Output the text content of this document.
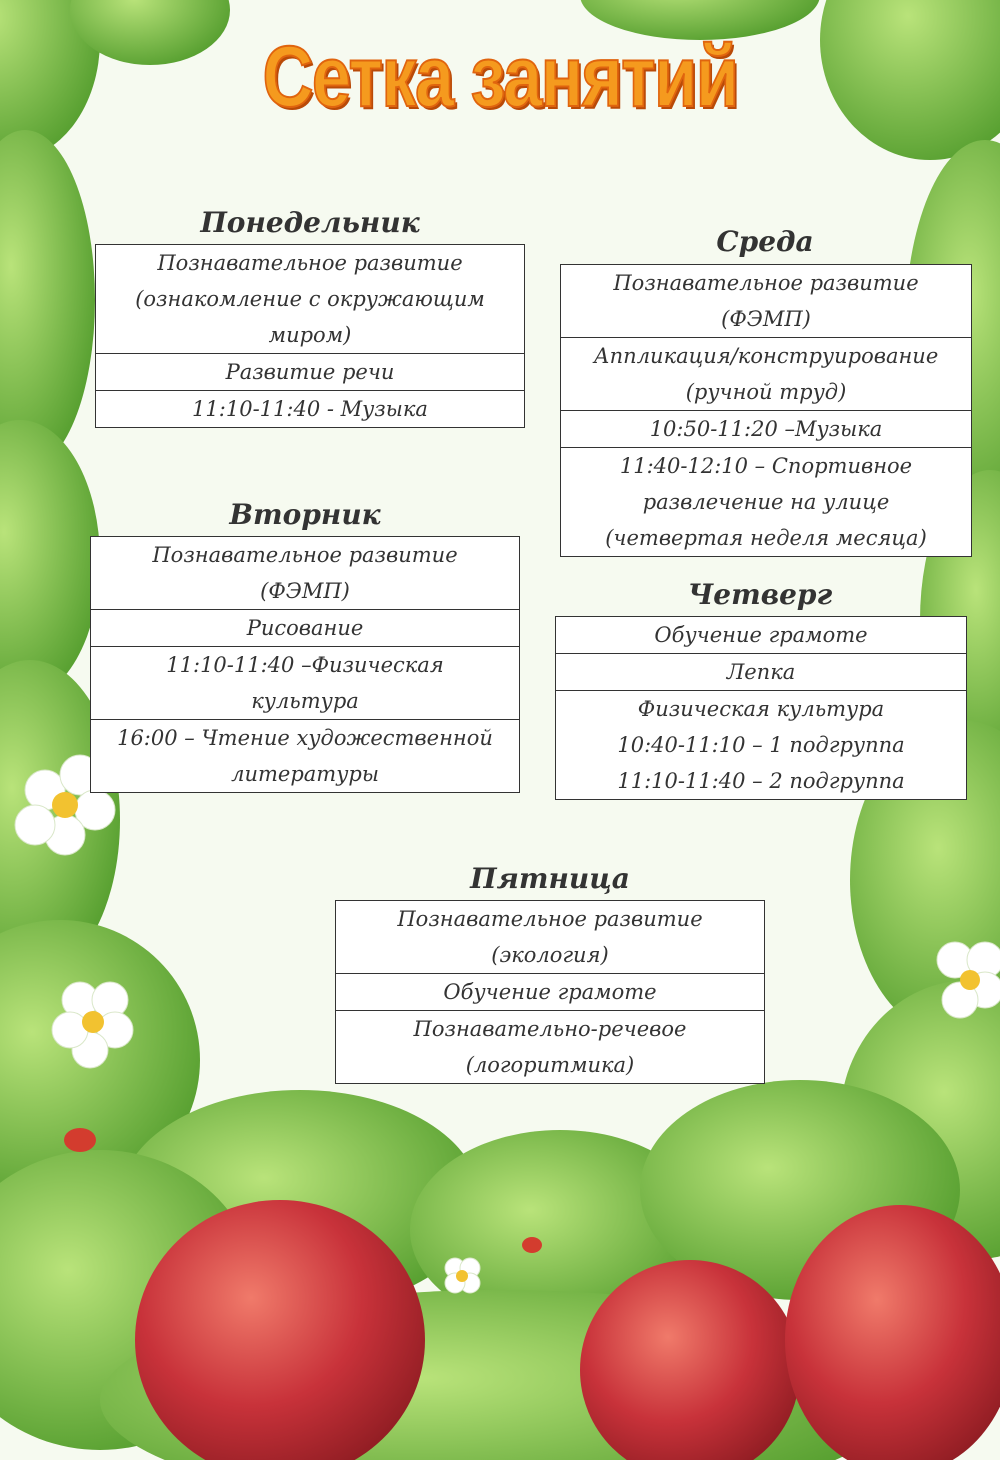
Сетка занятий
Понедельник
Познавательное развитие
(ознакомление с окружающим
миром)
Развитие речи
11:10-11:40 - Музыка
Вторник
Познавательное развитие
(ФЭМП)
Рисование
11:10-11:40 –Физическая
культура
16:00 – Чтение художественной
литературы
Среда
Познавательное развитие
(ФЭМП)
Аппликация/конструирование
(ручной труд)
10:50-11:20 –Музыка
11:40-12:10 – Спортивное
развлечение на улице
(четвертая неделя месяца)
Четверг
Обучение грамоте
Лепка
Физическая культура
10:40-11:10 – 1 подгруппа
11:10-11:40 – 2 подгруппа
Пятница
Познавательное развитие
(экология)
Обучение грамоте
Познавательно-речевое
(логоритмика)
